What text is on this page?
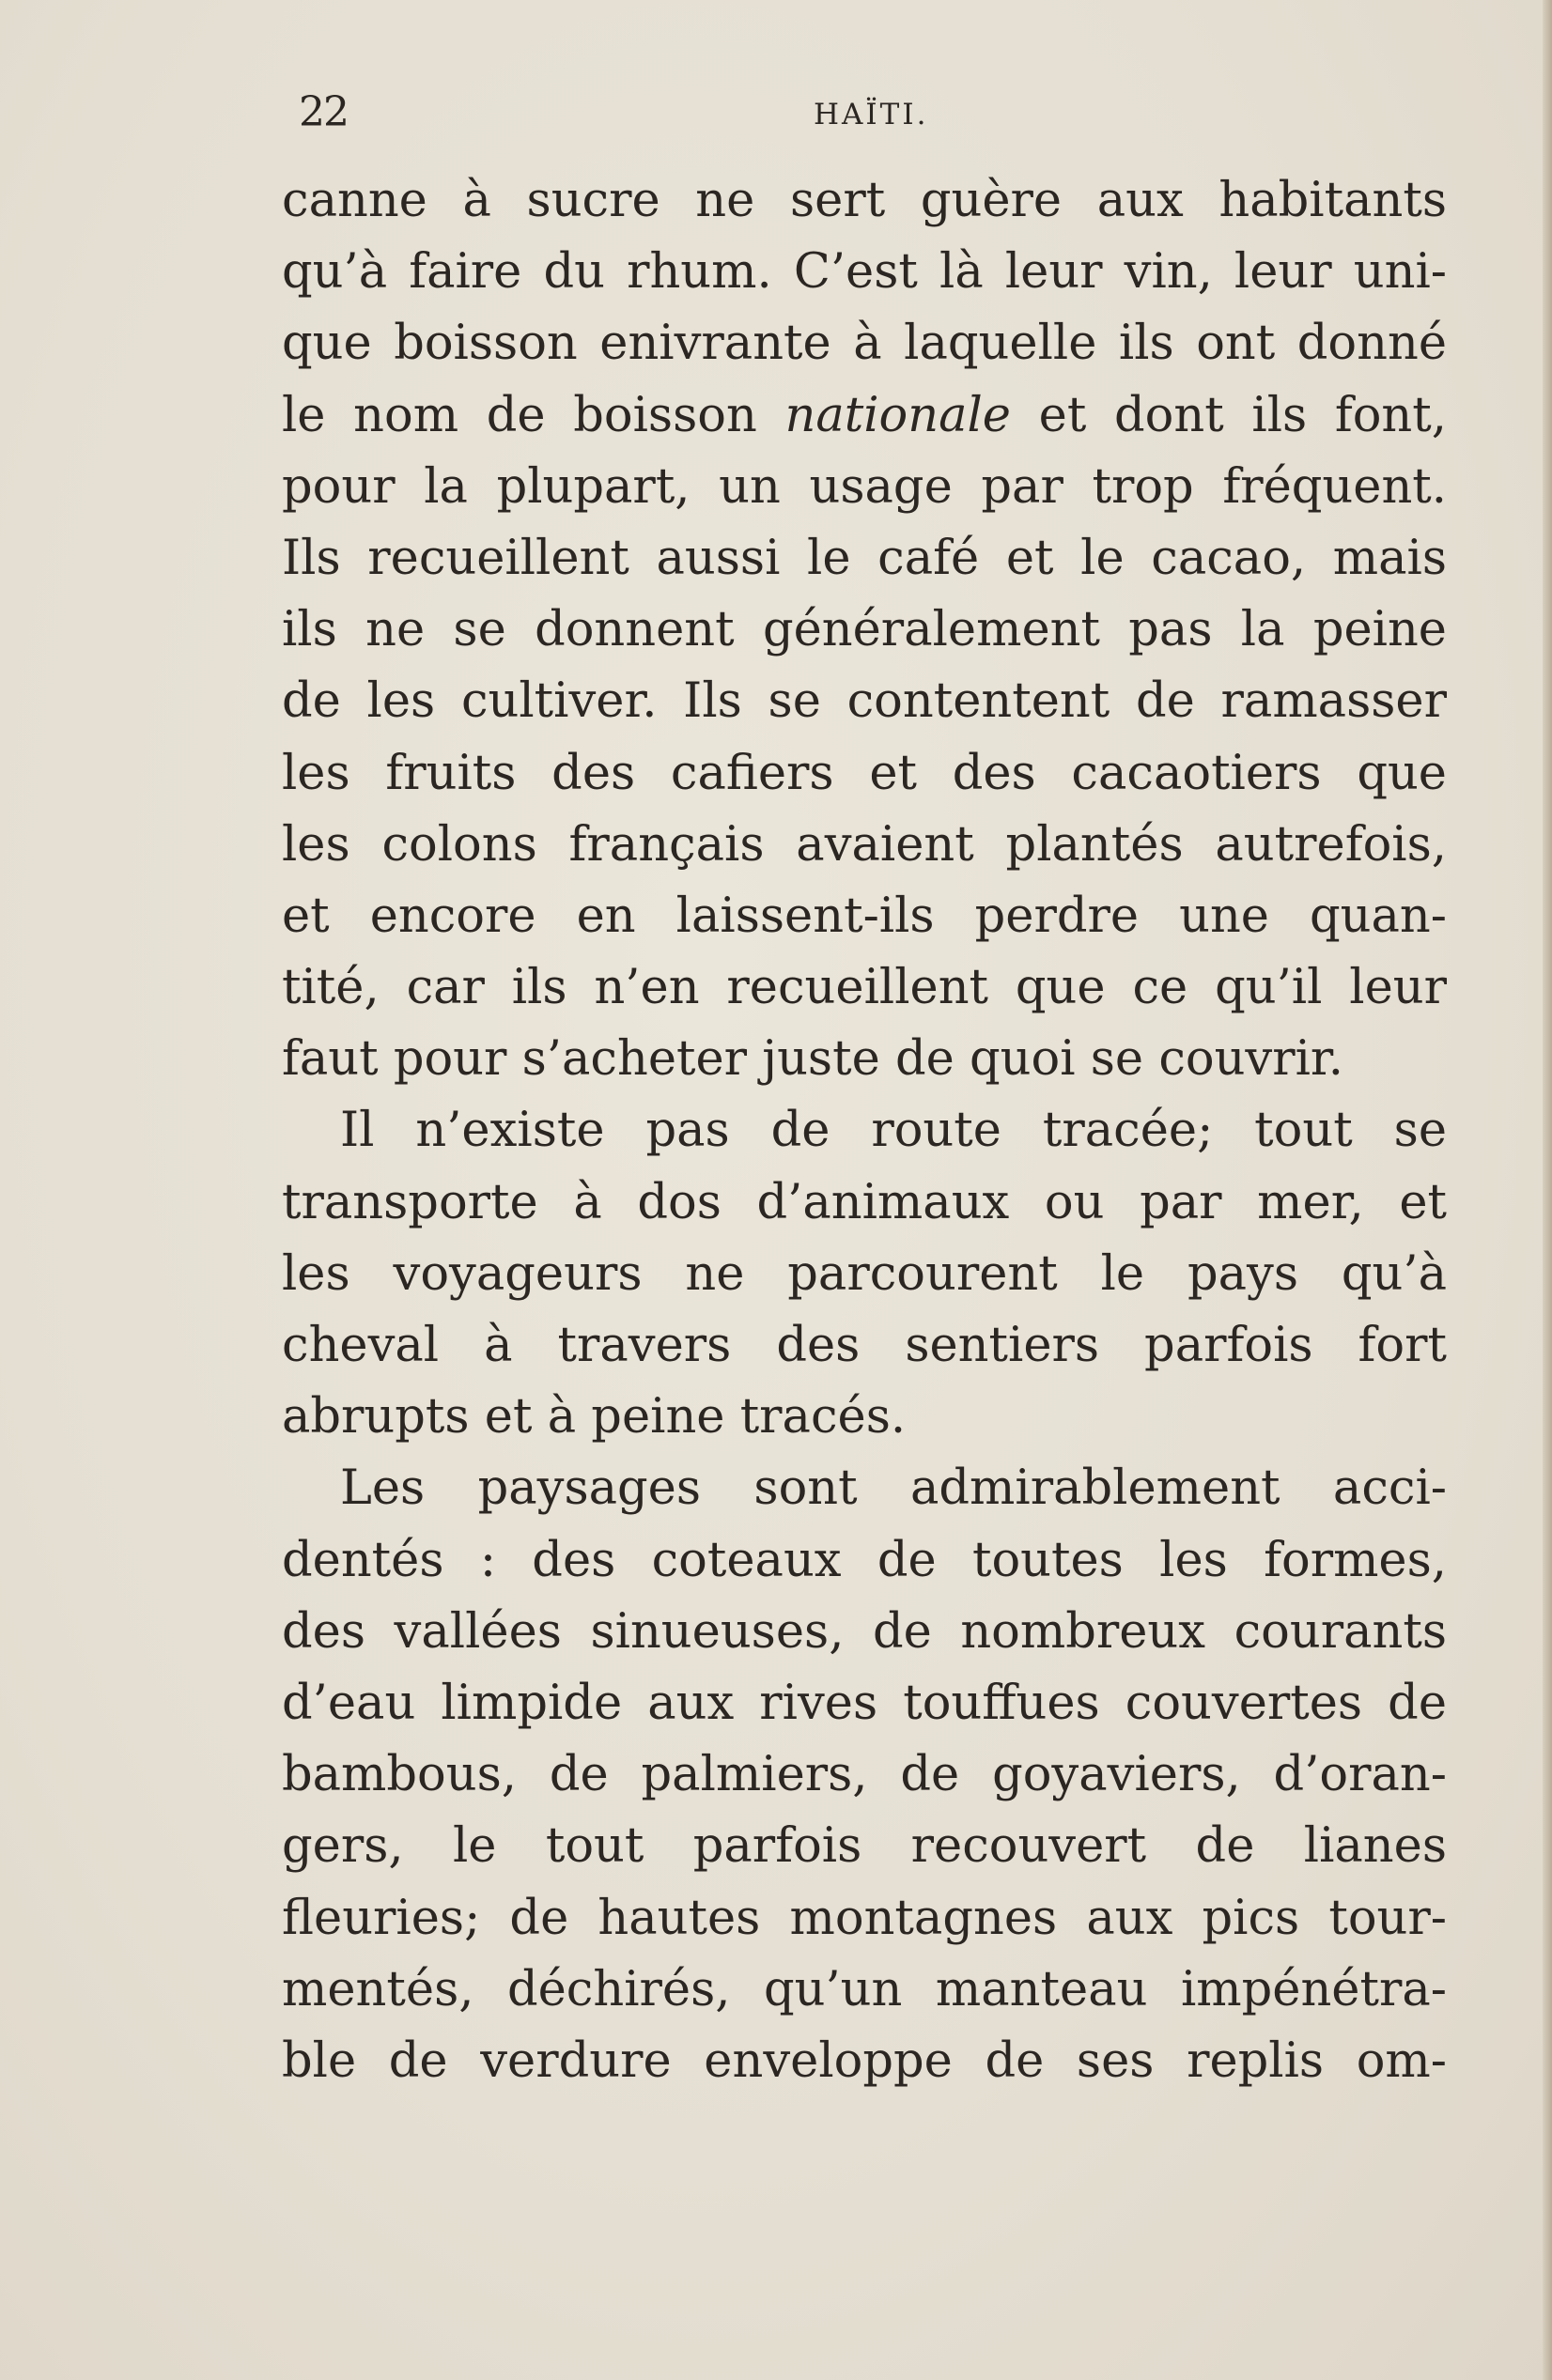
22	HAÏTI.
canne à sucre ne sert guère aux habitants
qu’à faire du rhum. C’est là leur vin, leur uni-
que boisson enivrante à laquelle ils ont donné
le nom de boisson nationale et dont ils font,
pour la plupart, un usage par trop fréquent.
Ils recueillent aussi le café et le cacao, mais
ils ne se donnent généralement pas la peine
de les cultiver. Ils se contentent de ramasser
les fruits des cafiers et des cacaotiers que
les colons français avaient plantés autrefois,
et encore en laissent-ils perdre une quan-
tité, car ils n’en recueillent que ce qu’il leur
faut pour s’acheter juste de quoi se couvrir.
Il n’existe pas de route tracée; tout se
transporte à dos d’animaux ou par mer, et
les voyageurs ne parcourent le pays qu’à
cheval à travers des sentiers parfois fort
abrupts et à peine tracés.
Les paysages sont admirablement acci-
dentés : des coteaux de toutes les formes,
des vallées sinueuses, de nombreux courants
d’eau limpide aux rives touffues couvertes de
bambous, de palmiers, de goyaviers, d’oran-
gers, le tout parfois recouvert de lianes
fleuries; de hautes montagnes aux pics tour-
mentés, déchirés, qu’un manteau impénétra-
ble de verdure enveloppe de ses replis om-
